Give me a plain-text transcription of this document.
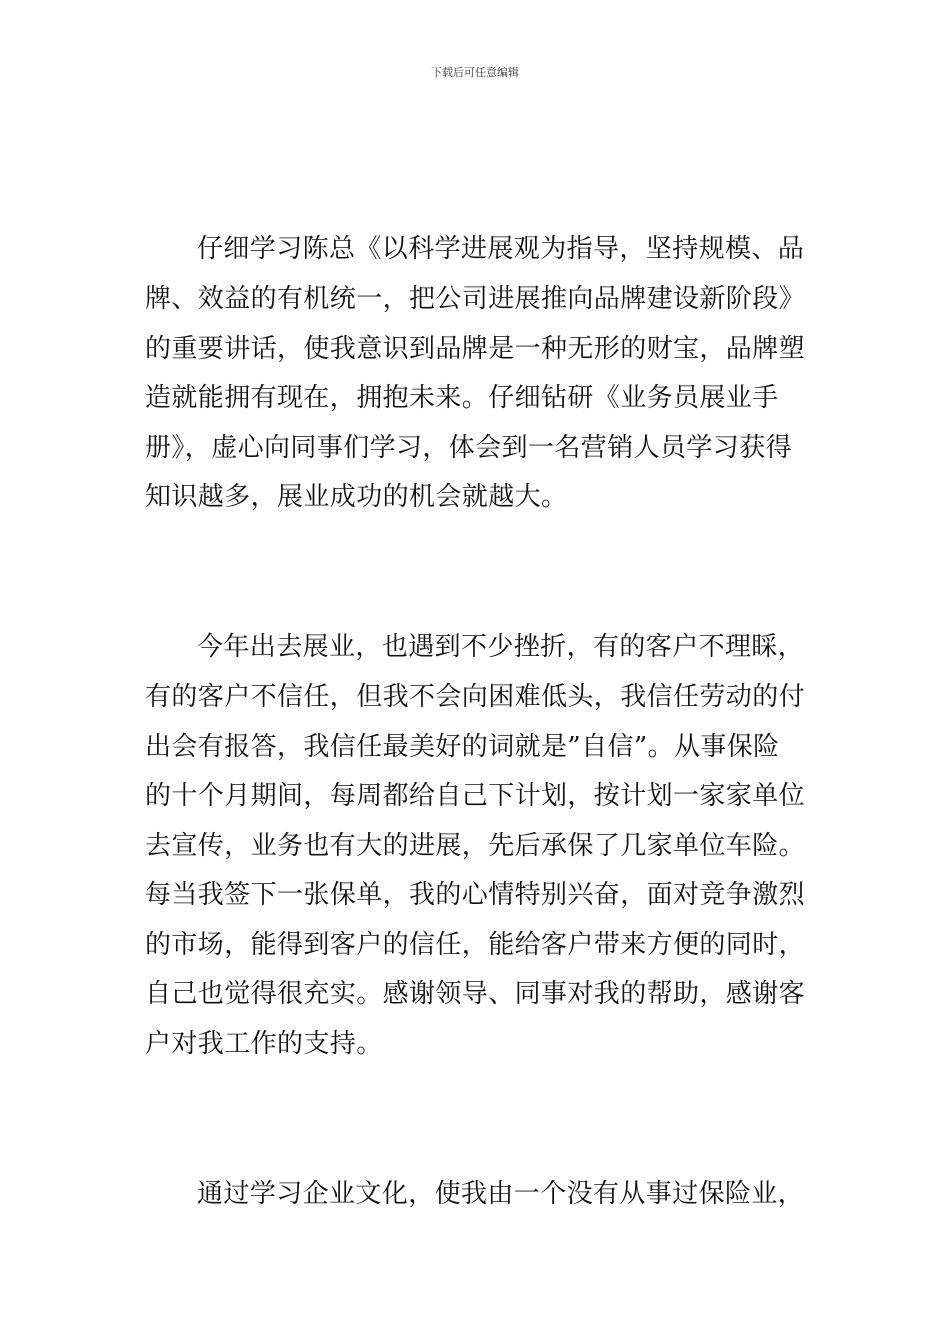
下载后可任意编辑
仔细学习陈总《以科学进展观为指导，坚持规模、品
牌、效益的有机统一，把公司进展推向品牌建设新阶段》
的重要讲话，使我意识到品牌是一种无形的财宝，品牌塑
造就能拥有现在，拥抱未来。仔细钻研《业务员展业手
册》，虚心向同事们学习，体会到一名营销人员学习获得
知识越多，展业成功的机会就越大。
今年出去展业，也遇到不少挫折，有的客户不理睬，
有的客户不信任，但我不会向困难低头，我信任劳动的付
出会有报答，我信任最美好的词就是”自信”。从事保险
的十个月期间，每周都给自己下计划，按计划一家家单位
去宣传，业务也有大的进展，先后承保了几家单位车险。
每当我签下一张保单，我的心情特别兴奋，面对竞争激烈
的市场，能得到客户的信任，能给客户带来方便的同时，
自己也觉得很充实。感谢领导、同事对我的帮助，感谢客
户对我工作的支持。
通过学习企业文化，使我由一个没有从事过保险业，
